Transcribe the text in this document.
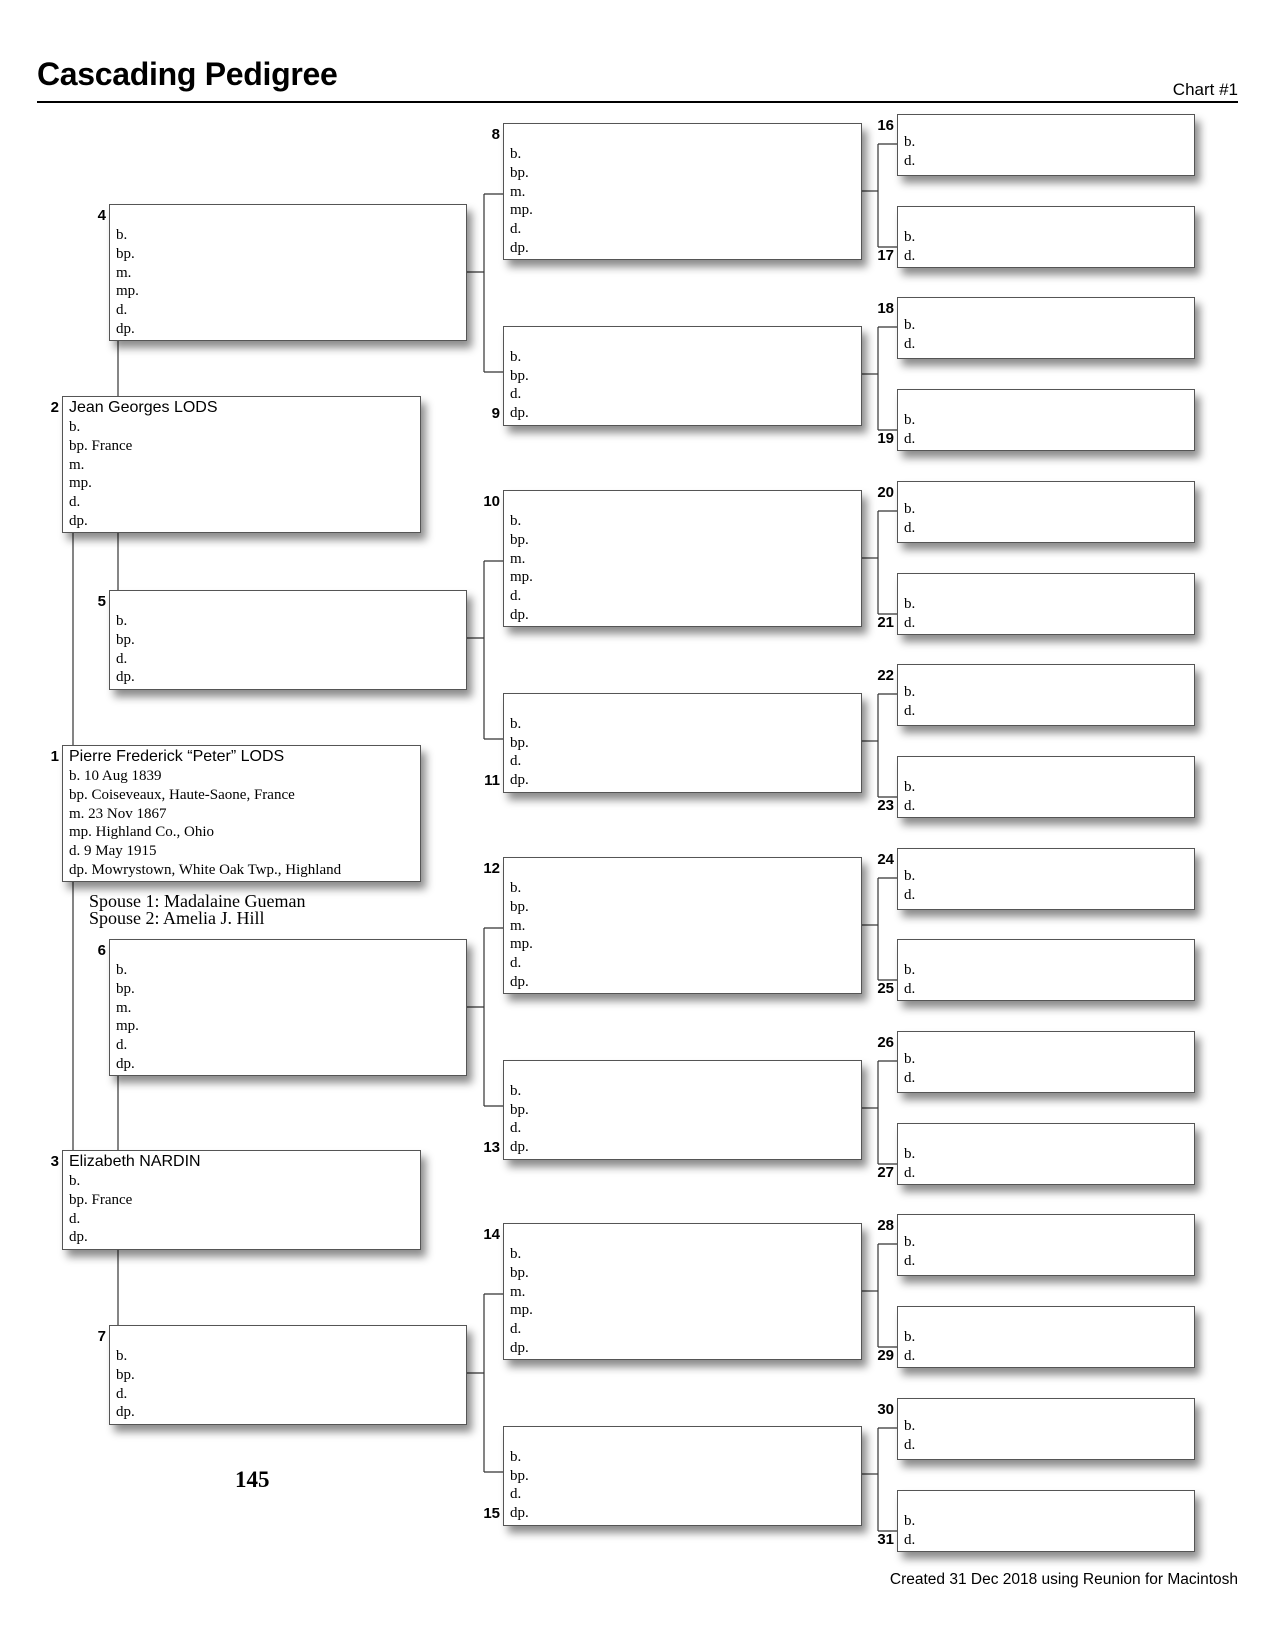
Cascading Pedigree	Chart #1
b.
bp.
m.
mp.
d.
dp.
4
Jean Georges LODS
b.
bp. France
m.
mp.
d.
dp.
2
b.
bp.
d.
dp.
5
Pierre Frederick “Peter” LODS
b. 10 Aug 1839
bp. Coiseveaux, Haute-Saone, France
m. 23 Nov 1867
mp. Highland Co., Ohio
d. 9 May 1915
dp. Mowrystown, White Oak Twp., Highland
1
b.
bp.
m.
mp.
d.
dp.
6
Elizabeth NARDIN
b.
bp. France
d.
dp.
3
b.
bp.
d.
dp.
7
b.
bp.
m.
mp.
d.
dp.
8
b.
bp.
d.
dp.
9
b.
bp.
m.
mp.
d.
dp.
10
b.
bp.
d.
dp.
11
b.
bp.
m.
mp.
d.
dp.
12
b.
bp.
d.
dp.
13
b.
bp.
m.
mp.
d.
dp.
14
b.
bp.
d.
dp.
15
b.
d.
16
b.
d.
17
b.
d.
18
b.
d.
19
b.
d.
20
b.
d.
21
b.
d.
22
b.
d.
23
b.
d.
24
b.
d.
25
b.
d.
26
b.
d.
27
b.
d.
28
b.
d.
29
b.
d.
30
b.
d.
31
Spouse 1: Madalaine Gueman
Spouse 2: Amelia J. Hill
145
Created 31 Dec 2018 using Reunion for Macintosh
